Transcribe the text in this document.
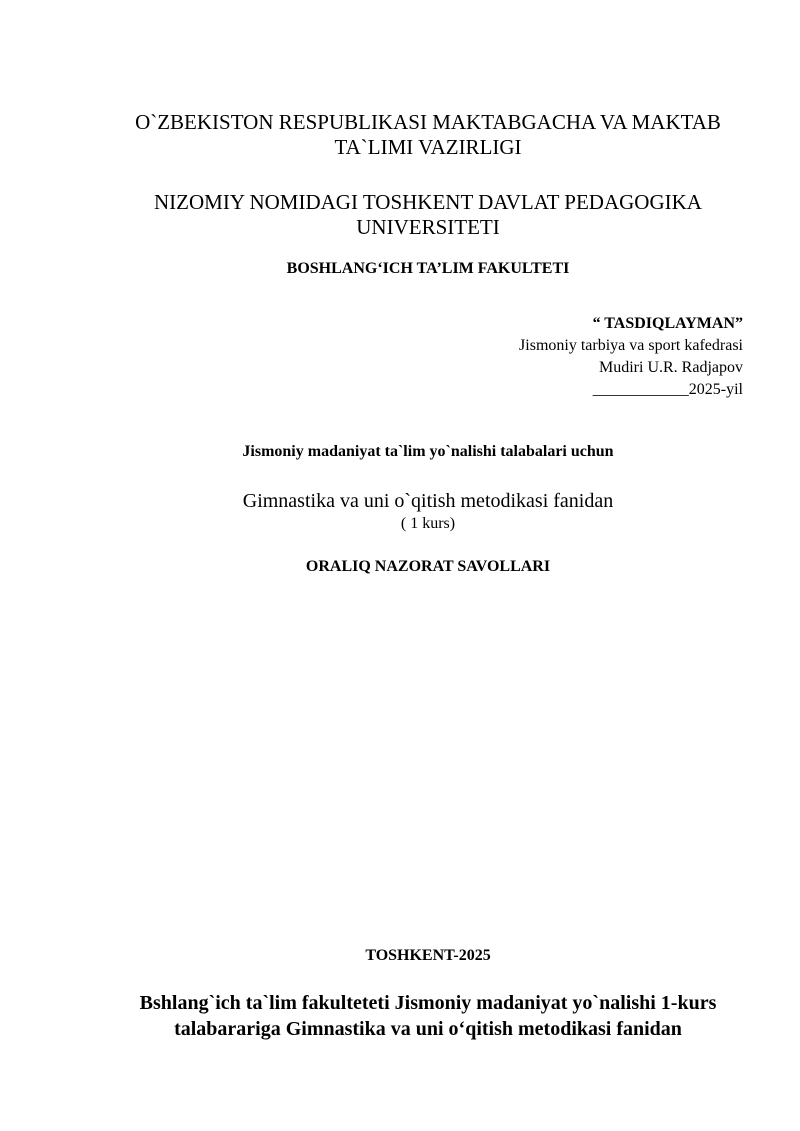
O`ZBEKISTON RESPUBLIKASI MAKTABGACHA VA MAKTAB
TA`LIMI VAZIRLIGI
NIZOMIY NOMIDAGI TOSHKENT DAVLAT PEDAGOGIKA
UNIVERSITETI
BOSHLANG‘ICH TA’LIM FAKULTETI
“ TASDIQLAYMAN”
Jismoniy tarbiya va sport kafedrasi
Mudiri U.R. Radjapov
____________2025-yil
Jismoniy madaniyat ta`lim yo`nalishi talabalari uchun
Gimnastika va uni o`qitish metodikasi fanidan
( 1 kurs)
ORALIQ NAZORAT SAVOLLARI
TOSHKENT-2025
Bshlang`ich ta`lim fakulteteti Jismoniy madaniyat yo`nalishi 1-kurs
talabarariga Gimnastika va uni o‘qitish metodikasi fanidan
